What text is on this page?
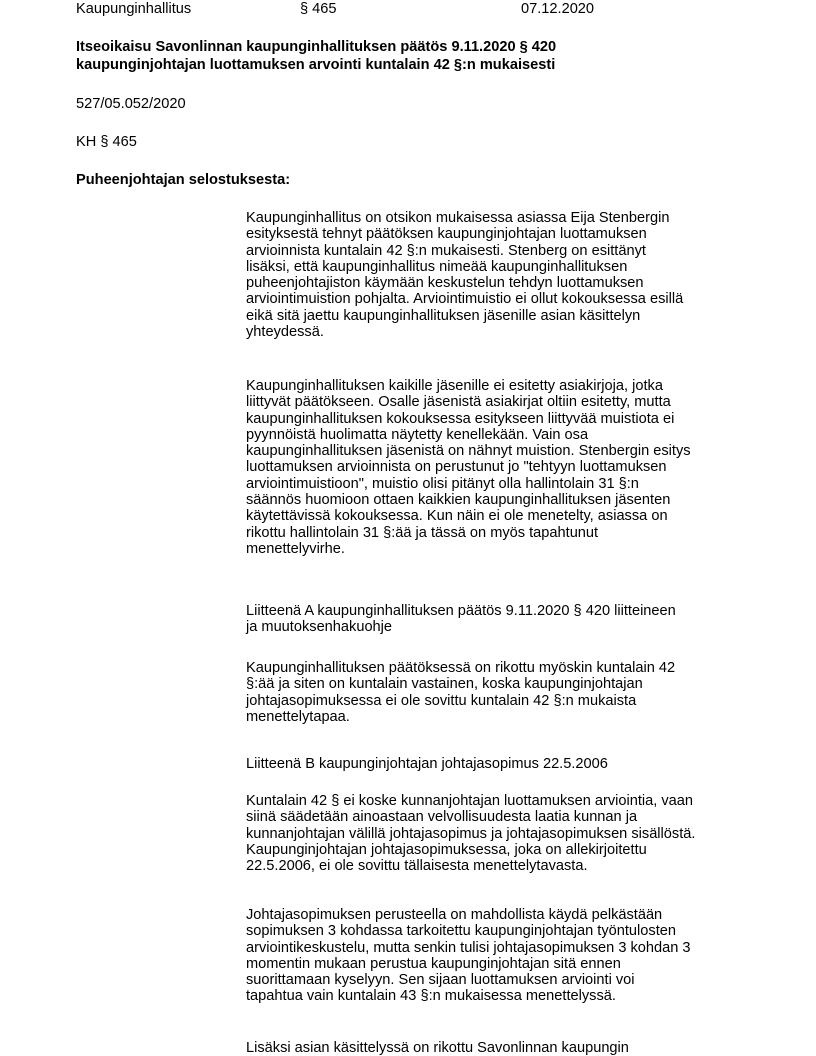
Kaupunginhallitus	§ 465	07.12.2020
Itseoikaisu Savonlinnan kaupunginhallituksen päätös 9.11.2020 § 420
kaupunginjohtajan luottamuksen arvointi kuntalain 42 §:n mukaisesti
527/05.052/2020
KH § 465
Puheenjohtajan selostuksesta:
Kaupunginhallitus on otsikon mukaisessa asiassa Eija Stenbergin
esityksestä tehnyt päätöksen kaupunginjohtajan luottamuksen
arvioinnista kuntalain 42 §:n mukaisesti. Stenberg on esittänyt
lisäksi, että kaupunginhallitus nimeää kaupunginhallituksen
puheenjohtajiston käymään keskustelun tehdyn luottamuksen
arviointimuistion pohjalta. Arviointimuistio ei ollut kokouksessa esillä
eikä sitä jaettu kaupunginhallituksen jäsenille asian käsittelyn
yhteydessä.
Kaupunginhallituksen kaikille jäsenille ei esitetty asiakirjoja, jotka
liittyvät päätökseen. Osalle jäsenistä asiakirjat oltiin esitetty, mutta
kaupunginhallituksen kokouksessa esitykseen liittyvää muistiota ei
pyynnöistä huolimatta näytetty kenellekään. Vain osa
kaupunginhallituksen jäsenistä on nähnyt muistion. Stenbergin esitys
luottamuksen arvioinnista on perustunut jo "tehtyyn luottamuksen
arviointimuistioon", muistio olisi pitänyt olla hallintolain 31 §:n
säännös huomioon ottaen kaikkien kaupunginhallituksen jäsenten
käytettävissä kokouksessa. Kun näin ei ole menetelty, asiassa on
rikottu hallintolain 31 §:ää ja tässä on myös tapahtunut
menettelyvirhe.
Liitteenä A kaupunginhallituksen päätös 9.11.2020 § 420 liitteineen
ja muutoksenhakuohje
Kaupunginhallituksen päätöksessä on rikottu myöskin kuntalain 42
§:ää ja siten on kuntalain vastainen, koska kaupunginjohtajan
johtajasopimuksessa ei ole sovittu kuntalain 42 §:n mukaista
menettelytapaa.
Liitteenä B kaupunginjohtajan johtajasopimus 22.5.2006
Kuntalain 42 § ei koske kunnanjohtajan luottamuksen arviointia, vaan
siinä säädetään ainoastaan velvollisuudesta laatia kunnan ja
kunnanjohtajan välillä johtajasopimus ja johtajasopimuksen sisällöstä.
Kaupunginjohtajan johtajasopimuksessa, joka on allekirjoitettu
22.5.2006, ei ole sovittu tällaisesta menettelytavasta.
Johtajasopimuksen perusteella on mahdollista käydä pelkästään
sopimuksen 3 kohdassa tarkoitettu kaupunginjohtajan työntulosten
arviointikeskustelu, mutta senkin tulisi johtajasopimuksen 3 kohdan 3
momentin mukaan perustua kaupunginjohtajan sitä ennen
suorittamaan kyselyyn. Sen sijaan luottamuksen arviointi voi
tapahtua vain kuntalain 43 §:n mukaisessa menettelyssä.
Lisäksi asian käsittelyssä on rikottu Savonlinnan kaupungin
